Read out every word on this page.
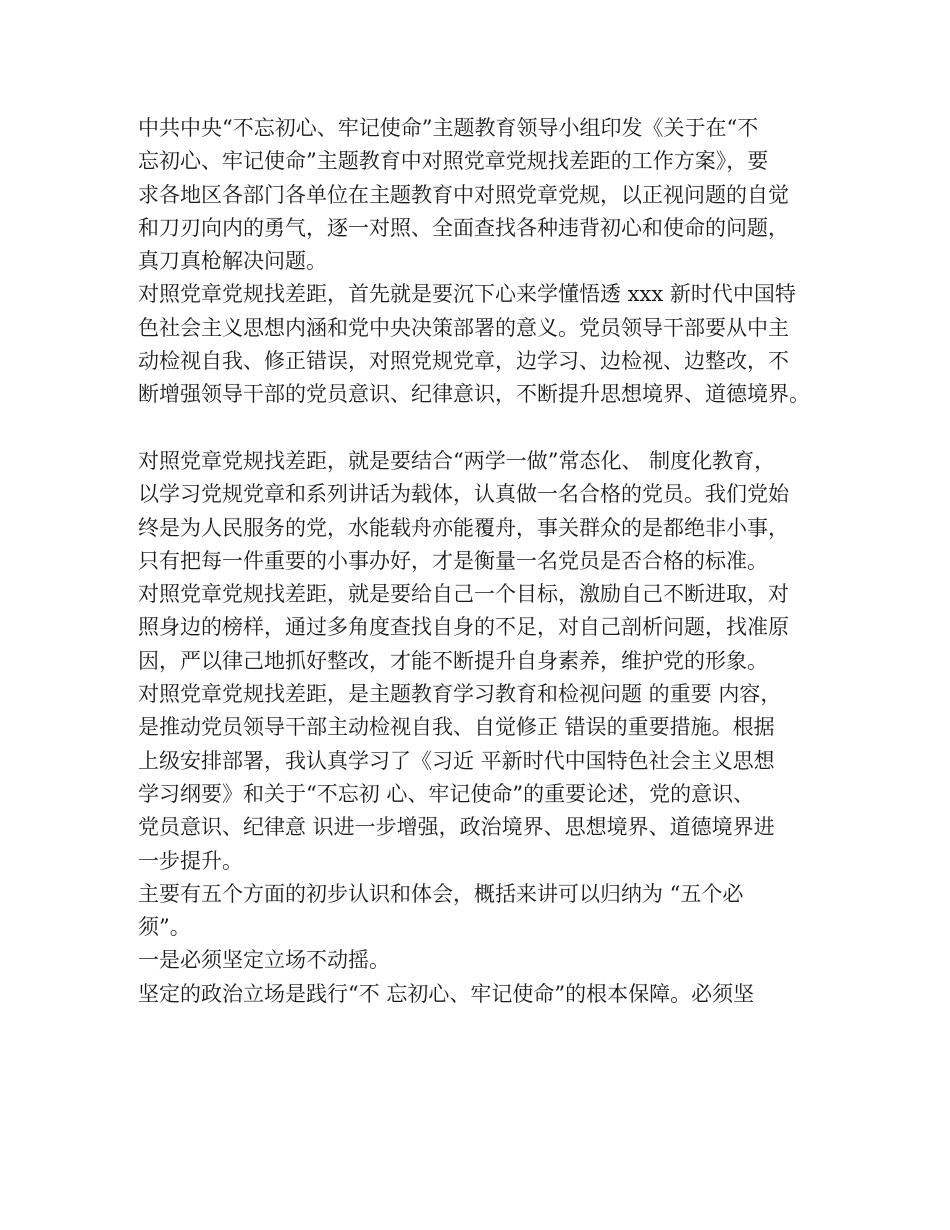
中共中央“不忘初心、牢记使命”主题教育领导小组印发《关于在“不
忘初心、牢记使命”主题教育中对照党章党规找差距的工作方案》，要
求各地区各部门各单位在主题教育中对照党章党规，以正视问题的自觉
和刀刃向内的勇气，逐一对照、全面查找各种违背初心和使命的问题，
真刀真枪解决问题。
对照党章党规找差距，首先就是要沉下心来学懂悟透 xxx 新时代中国特
色社会主义思想内涵和党中央决策部署的意义。党员领导干部要从中主
动检视自我、修正错误，对照党规党章，边学习、边检视、边整改，不
断增强领导干部的党员意识、纪律意识，不断提升思想境界、道德境界。
对照党章党规找差距，就是要结合“两学一做”常态化、 制度化教育，
以学习党规党章和系列讲话为载体，认真做一名合格的党员。我们党始
终是为人民服务的党，水能载舟亦能覆舟，事关群众的是都绝非小事，
只有把每一件重要的小事办好，才是衡量一名党员是否合格的标准。
对照党章党规找差距，就是要给自己一个目标，激励自己不断进取，对
照身边的榜样，通过多角度查找自身的不足，对自己剖析问题，找准原
因，严以律己地抓好整改，才能不断提升自身素养，维护党的形象。
对照党章党规找差距，是主题教育学习教育和检视问题 的重要 内容，
是推动党员领导干部主动检视自我、自觉修正 错误的重要措施。根据
上级安排部署，我认真学习了《习近 平新时代中国特色社会主义思想
学习纲要》和关于“不忘初 心、牢记使命”的重要论述，党的意识、
党员意识、纪律意 识进一步增强，政治境界、思想境界、道德境界进
一步提升。
主要有五个方面的初步认识和体会，概括来讲可以归纳为 “五个必
须”。
一是必须坚定立场不动摇。
坚定的政治立场是践行“不 忘初心、牢记使命”的根本保障。必须坚
